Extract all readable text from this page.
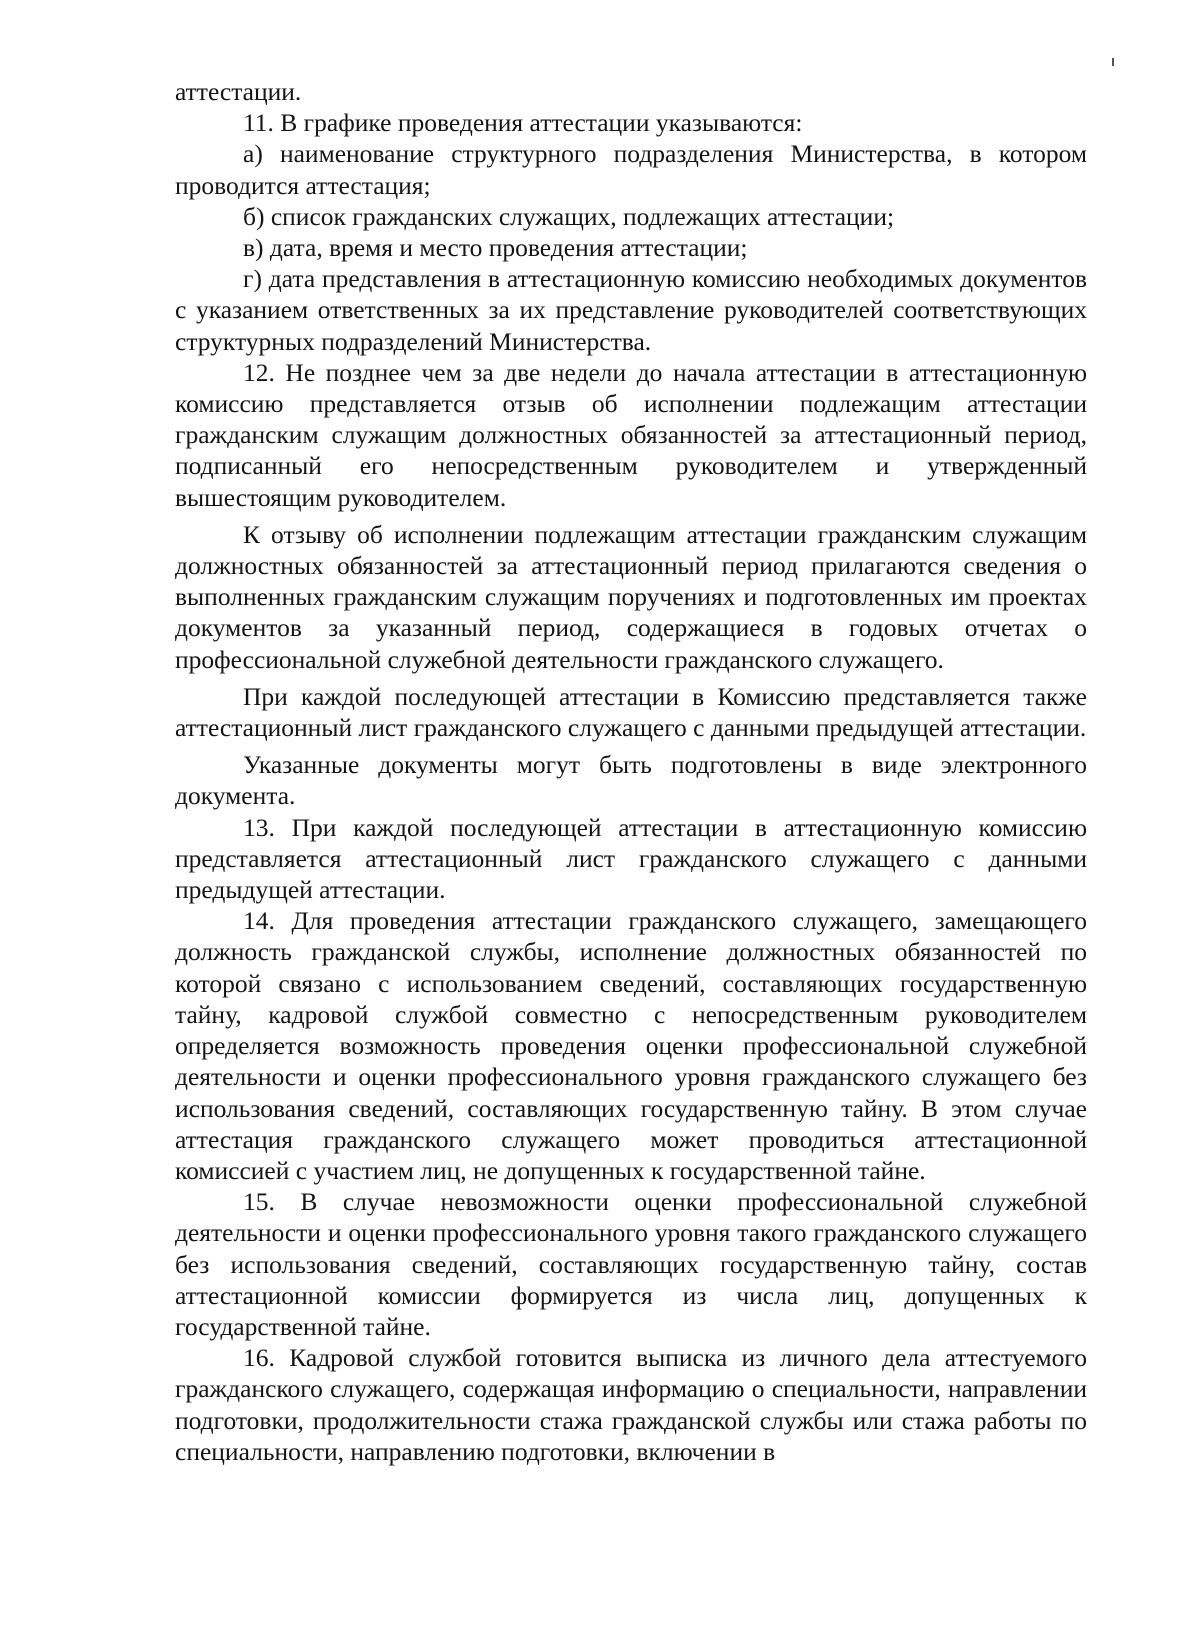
аттестации.

11. В графике проведения аттестации указываются:

а) наименование структурного подразделения Министерства, в котором проводится аттестация;

б) список гражданских служащих, подлежащих аттестации;

в) дата, время и место проведения аттестации;

г) дата представления в аттестационную комиссию необходимых документов с указанием ответственных за их представление руководителей соответствующих структурных подразделений Министерства.

12. Не позднее чем за две недели до начала аттестации в аттестационную комиссию представляется отзыв об исполнении подлежащим аттестации гражданским служащим должностных обязанностей за аттестационный период, подписанный его непосредственным руководителем и утвержденный вышестоящим руководителем.

К отзыву об исполнении подлежащим аттестации гражданским служащим должностных обязанностей за аттестационный период прилагаются сведения о выполненных гражданским служащим поручениях и подготовленных им проектах документов за указанный период, содержащиеся в годовых отчетах о профессиональной служебной деятельности гражданского служащего.

При каждой последующей аттестации в Комиссию представляется также аттестационный лист гражданского служащего с данными предыдущей аттестации.

Указанные документы могут быть подготовлены в виде электронного документа.

13. При каждой последующей аттестации в аттестационную комиссию представляется аттестационный лист гражданского служащего с данными предыдущей аттестации.

14. Для проведения аттестации гражданского служащего, замещающего должность гражданской службы, исполнение должностных обязанностей по которой связано с использованием сведений, составляющих государственную тайну, кадровой службой совместно с непосредственным руководителем определяется возможность проведения оценки профессиональной служебной деятельности и оценки профессионального уровня гражданского служащего без использования сведений, составляющих государственную тайну. В этом случае аттестация гражданского служащего может проводиться аттестационной комиссией с участием лиц, не допущенных к государственной тайне.

15. В случае невозможности оценки профессиональной служебной деятельности и оценки профессионального уровня такого гражданского служащего без использования сведений, составляющих государственную тайну, состав аттестационной комиссии формируется из числа лиц, допущенных к государственной тайне.

16. Кадровой службой готовится выписка из личного дела аттестуемого гражданского служащего, содержащая информацию о специальности, направлении подготовки, продолжительности стажа гражданской службы или стажа работы по специальности, направлению подготовки, включении в
